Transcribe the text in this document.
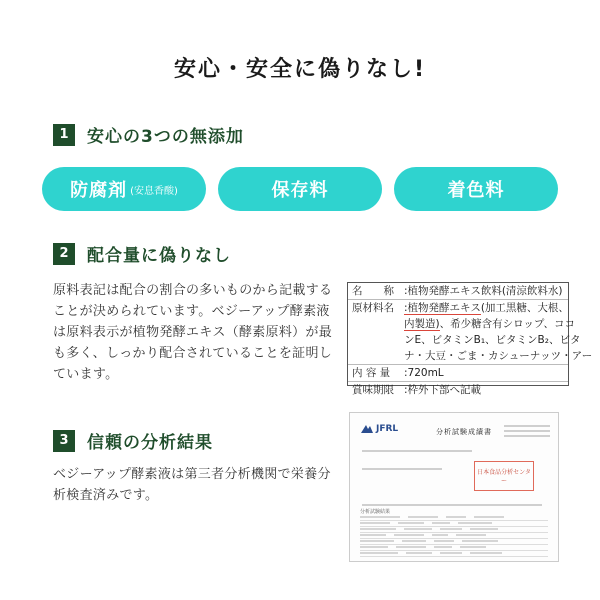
安心・安全に偽りなし!
1	安心の3つの無添加
防腐剤 (安息香酸)	保存料	着色料
2	配合量に偽りなし
原料表記は配合の割合の多いものから記載することが決められています。ベジーアップ酵素液は原料表示が植物発酵エキス（酵素原料）が最も多く、しっかり配合されていることを証明しています。
名　　称 :植物発酵エキス飲料(清涼飲料水)
原材料名 :植物発酵エキス(加工黒糖、大根、
内製造)、希少糖含有シロップ、ココ
ンE、ビタミンB₁、ビタミンB₂、ビタ
ナ・大豆・ごま・カシューナッツ・アー
内 容 量	:720mL
賞味期限 :枠外下部へ記載
3	信頼の分析結果
ベジーアップ酵素液は第三者分析機関で栄養分析検査済みです。
JFRL	分析試験成績書
日本食品分析センター
分析試験結果
